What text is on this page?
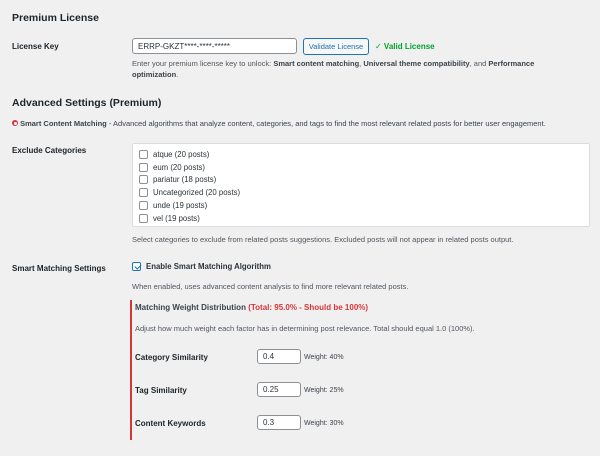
Premium License
License Key	ERRP-GKZT****-****-*****	Validate License	✓ Valid License
Enter your premium license key to unlock: Smart content matching, Universal theme compatibility, and Performance
optimization.
Advanced Settings (Premium)
Smart Content Matching - Advanced algorithms that analyze content, categories, and tags to find the most relevant related posts for better user engagement.
Exclude Categories	atque (20 posts)
eum (20 posts)
pariatur (18 posts)
Uncategorized (20 posts)
unde (19 posts)
vel (19 posts)
Select categories to exclude from related posts suggestions. Excluded posts will not appear in related posts output.
Smart Matching Settings	Enable Smart Matching Algorithm
When enabled, uses advanced content analysis to find more relevant related posts.
Matching Weight Distribution (Total: 95.0% - Should be 100%)
Adjust how much weight each factor has in determining post relevance. Total should equal 1.0 (100%).
Category Similarity	0.4	Weight: 40%
Tag Similarity	0.25	Weight: 25%
Content Keywords	0.3	Weight: 30%
